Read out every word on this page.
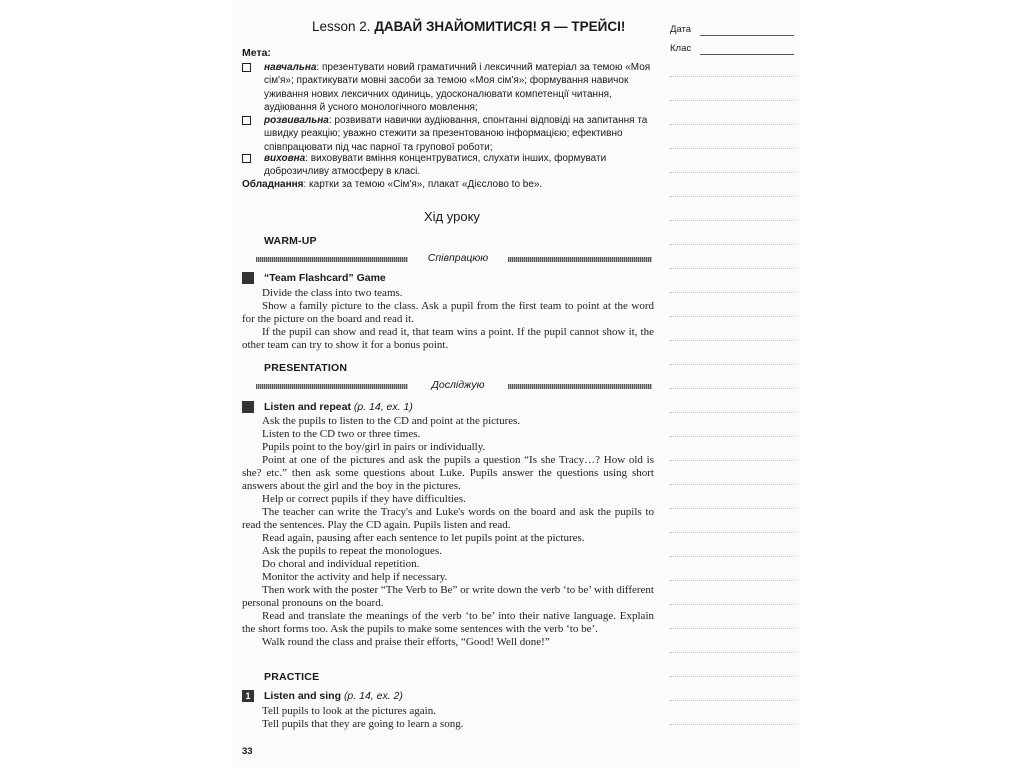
Lesson 2. ДАВАЙ ЗНАЙОМИТИСЯ! Я — ТРЕЙСІ!
Мета:
навчальна: презентувати новий граматичний і лексичний матеріал за темою «Моя сім'я»; практикувати мовні засоби за темою «Моя сім'я»; формування навичок уживання нових лексичних одиниць, удосконалювати компетенції читання, аудіювання й усного монологічного мовлення;
розвивальна: розвивати навички аудіювання, спонтанні відповіді на запитання та швидку реакцію; уважно стежити за презентованою інформацією; ефективно співпрацювати під час парної та групової роботи;
виховна: виховувати вміння концентруватися, слухати інших, формувати доброзичливу атмосферу в класі.
Обладнання: картки за темою «Сім'я», плакат «Дієслово to be».
Хід уроку
WARM-UP
Співпрацюю
“Team Flashcard” Game

Divide the class into two teams.

Show a family picture to the class. Ask a pupil from the first team to point at the word for the picture on the board and read it.

If the pupil can show and read it, that team wins a point. If the pupil cannot show it, the other team can try to show it for a bonus point.

PRESENTATION
Досліджую
Listen and repeat (p. 14, ex. 1)

Ask the pupils to listen to the CD and point at the pictures.

Listen to the CD two or three times.

Pupils point to the boy/girl in pairs or individually.

Point at one of the pictures and ask the pupils a question “Is she Tracy…? How old is she? etc.” then ask some questions about Luke. Pupils answer the questions using short answers about the girl and the boy in the pictures.

Help or correct pupils if they have difficulties.

The teacher can write the Tracy's and Luke's words on the board and ask the pupils to read the sentences. Play the CD again. Pupils listen and read.

Read again, pausing after each sentence to let pupils point at the pictures.

Ask the pupils to repeat the monologues.

Do choral and individual repetition.

Monitor the activity and help if necessary.

Then work with the poster “The Verb to Be” or write down the verb ‘to be’ with different personal pronouns on the board.

Read and translate the meanings of the verb ‘to be’ into their native language. Explain the short forms too. Ask the pupils to make some sentences with the verb ‘to be’.

Walk round the class and praise their efforts, “Good! Well done!”

PRACTICE
1	Listen and sing (p. 14, ex. 2)

Tell pupils to look at the pictures again.

Tell pupils that they are going to learn a song.

33
Дата
Клас
